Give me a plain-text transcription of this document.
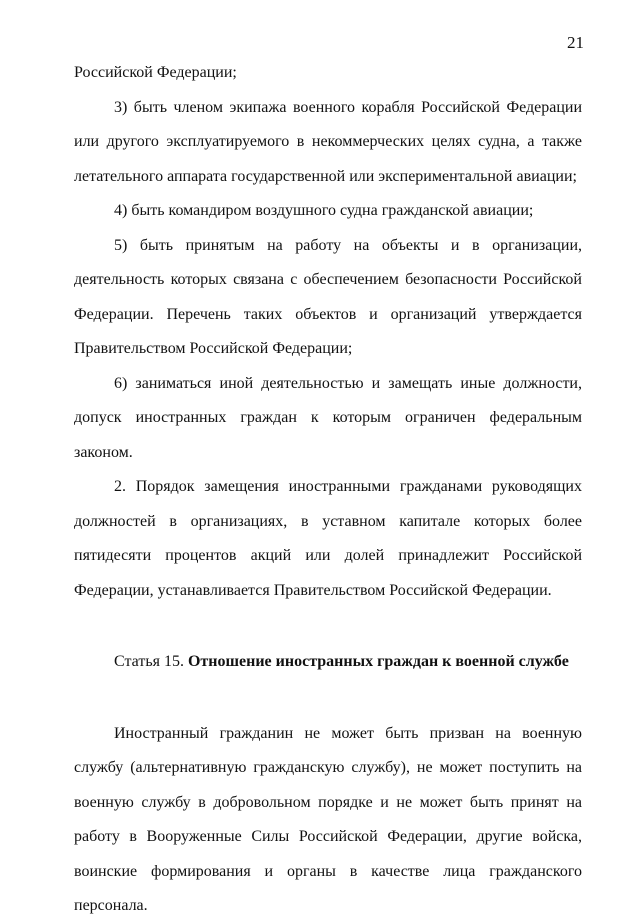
21

Российской Федерации;

3) быть членом экипажа военного корабля Российской Федерации или другого эксплуатируемого в некоммерческих целях судна, а также летательного аппарата государственной или экспериментальной авиации;

4) быть командиром воздушного судна гражданской авиации;

5) быть принятым на работу на объекты и в организации, деятельность которых связана с обеспечением безопасности Российской Федерации. Перечень таких объектов и организаций утверждается Правительством Российской Федерации;

6) заниматься иной деятельностью и замещать иные должности, допуск иностранных граждан к которым ограничен федеральным законом.

2. Порядок замещения иностранными гражданами руководящих должностей в организациях, в уставном капитале которых более пятидесяти процентов акций или долей принадлежит Российской Федерации, устанавливается Правительством Российской Федерации.

Статья 15. Отношение иностранных граждан к военной службе

Иностранный гражданин не может быть призван на военную службу (альтернативную гражданскую службу), не может поступить на военную службу в добровольном порядке и не может быть принят на работу в Вооруженные Силы Российской Федерации, другие войска, воинские формирования и органы в качестве лица гражданского персонала.
